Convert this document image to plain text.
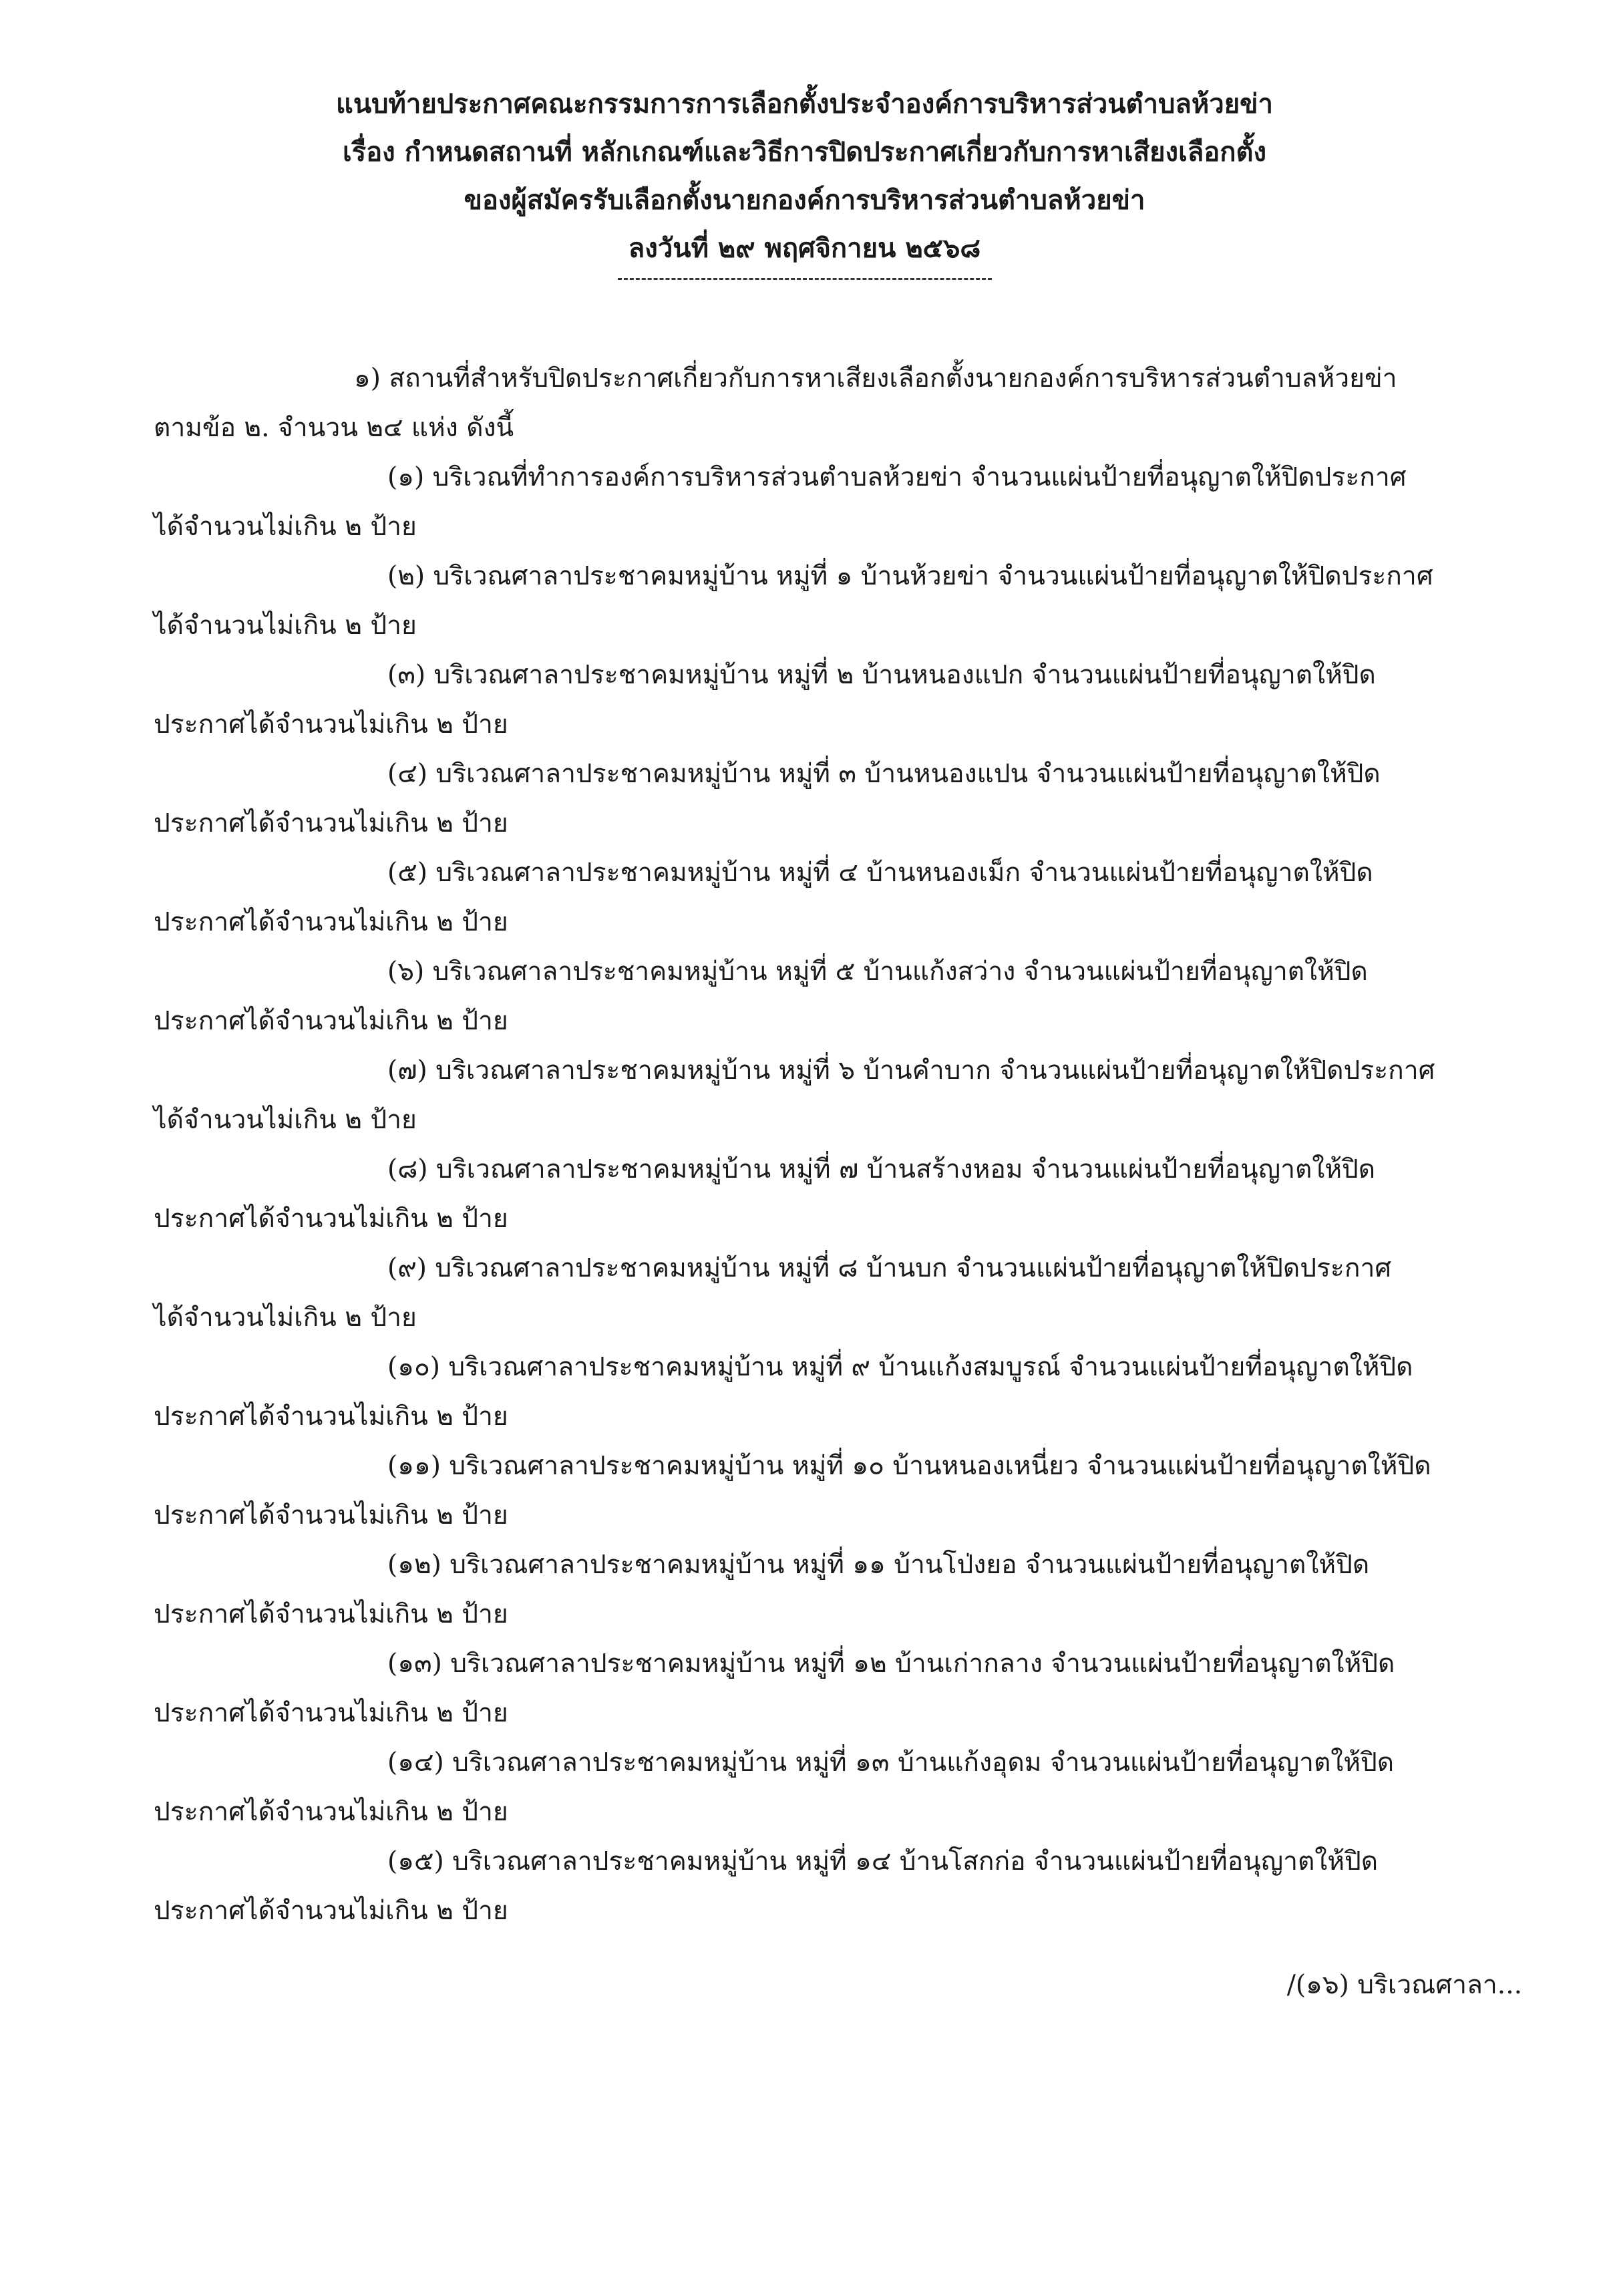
แนบท้ายประกาศคณะกรรมการการเลือกตั้งประจำองค์การบริหารส่วนตำบลห้วยข่า
เรื่อง กำหนดสถานที่ หลักเกณฑ์และวิธีการปิดประกาศเกี่ยวกับการหาเสียงเลือกตั้ง
ของผู้สมัครรับเลือกตั้งนายกองค์การบริหารส่วนตำบลห้วยข่า
ลงวันที่ ๒๙ พฤศจิกายน ๒๕๖๘

๑) สถานที่สำหรับปิดประกาศเกี่ยวกับการหาเสียงเลือกตั้งนายกองค์การบริหารส่วนตำบลห้วยข่า

ตามข้อ ๒. จำนวน ๒๔ แห่ง ดังนี้

(๑) บริเวณที่ทำการองค์การบริหารส่วนตำบลห้วยข่า จำนวนแผ่นป้ายที่อนุญาตให้ปิดประกาศ
ได้จำนวนไม่เกิน ๒ ป้าย
(๒) บริเวณศาลาประชาคมหมู่บ้าน หมู่ที่ ๑ บ้านห้วยข่า จำนวนแผ่นป้ายที่อนุญาตให้ปิดประกาศ
ได้จำนวนไม่เกิน ๒ ป้าย
(๓) บริเวณศาลาประชาคมหมู่บ้าน หมู่ที่ ๒ บ้านหนองแปก จำนวนแผ่นป้ายที่อนุญาตให้ปิด
ประกาศได้จำนวนไม่เกิน ๒ ป้าย
(๔) บริเวณศาลาประชาคมหมู่บ้าน หมู่ที่ ๓ บ้านหนองแปน จำนวนแผ่นป้ายที่อนุญาตให้ปิด
ประกาศได้จำนวนไม่เกิน ๒ ป้าย
(๕) บริเวณศาลาประชาคมหมู่บ้าน หมู่ที่ ๔ บ้านหนองเม็ก จำนวนแผ่นป้ายที่อนุญาตให้ปิด
ประกาศได้จำนวนไม่เกิน ๒ ป้าย
(๖) บริเวณศาลาประชาคมหมู่บ้าน หมู่ที่ ๕ บ้านแก้งสว่าง จำนวนแผ่นป้ายที่อนุญาตให้ปิด
ประกาศได้จำนวนไม่เกิน ๒ ป้าย
(๗) บริเวณศาลาประชาคมหมู่บ้าน หมู่ที่ ๖ บ้านคำบาก จำนวนแผ่นป้ายที่อนุญาตให้ปิดประกาศ
ได้จำนวนไม่เกิน ๒ ป้าย
(๘) บริเวณศาลาประชาคมหมู่บ้าน หมู่ที่ ๗ บ้านสร้างหอม จำนวนแผ่นป้ายที่อนุญาตให้ปิด
ประกาศได้จำนวนไม่เกิน ๒ ป้าย
(๙) บริเวณศาลาประชาคมหมู่บ้าน หมู่ที่ ๘ บ้านบก จำนวนแผ่นป้ายที่อนุญาตให้ปิดประกาศ
ได้จำนวนไม่เกิน ๒ ป้าย
(๑๐) บริเวณศาลาประชาคมหมู่บ้าน หมู่ที่ ๙ บ้านแก้งสมบูรณ์ จำนวนแผ่นป้ายที่อนุญาตให้ปิด
ประกาศได้จำนวนไม่เกิน ๒ ป้าย
(๑๑) บริเวณศาลาประชาคมหมู่บ้าน หมู่ที่ ๑๐ บ้านหนองเหนี่ยว จำนวนแผ่นป้ายที่อนุญาตให้ปิด
ประกาศได้จำนวนไม่เกิน ๒ ป้าย
(๑๒) บริเวณศาลาประชาคมหมู่บ้าน หมู่ที่ ๑๑ บ้านโป่งยอ จำนวนแผ่นป้ายที่อนุญาตให้ปิด
ประกาศได้จำนวนไม่เกิน ๒ ป้าย
(๑๓) บริเวณศาลาประชาคมหมู่บ้าน หมู่ที่ ๑๒ บ้านเก่ากลาง จำนวนแผ่นป้ายที่อนุญาตให้ปิด
ประกาศได้จำนวนไม่เกิน ๒ ป้าย
(๑๔) บริเวณศาลาประชาคมหมู่บ้าน หมู่ที่ ๑๓ บ้านแก้งอุดม จำนวนแผ่นป้ายที่อนุญาตให้ปิด
ประกาศได้จำนวนไม่เกิน ๒ ป้าย
(๑๕) บริเวณศาลาประชาคมหมู่บ้าน หมู่ที่ ๑๔ บ้านโสกก่อ จำนวนแผ่นป้ายที่อนุญาตให้ปิด
ประกาศได้จำนวนไม่เกิน ๒ ป้าย
/(๑๖) บริเวณศาลา...
